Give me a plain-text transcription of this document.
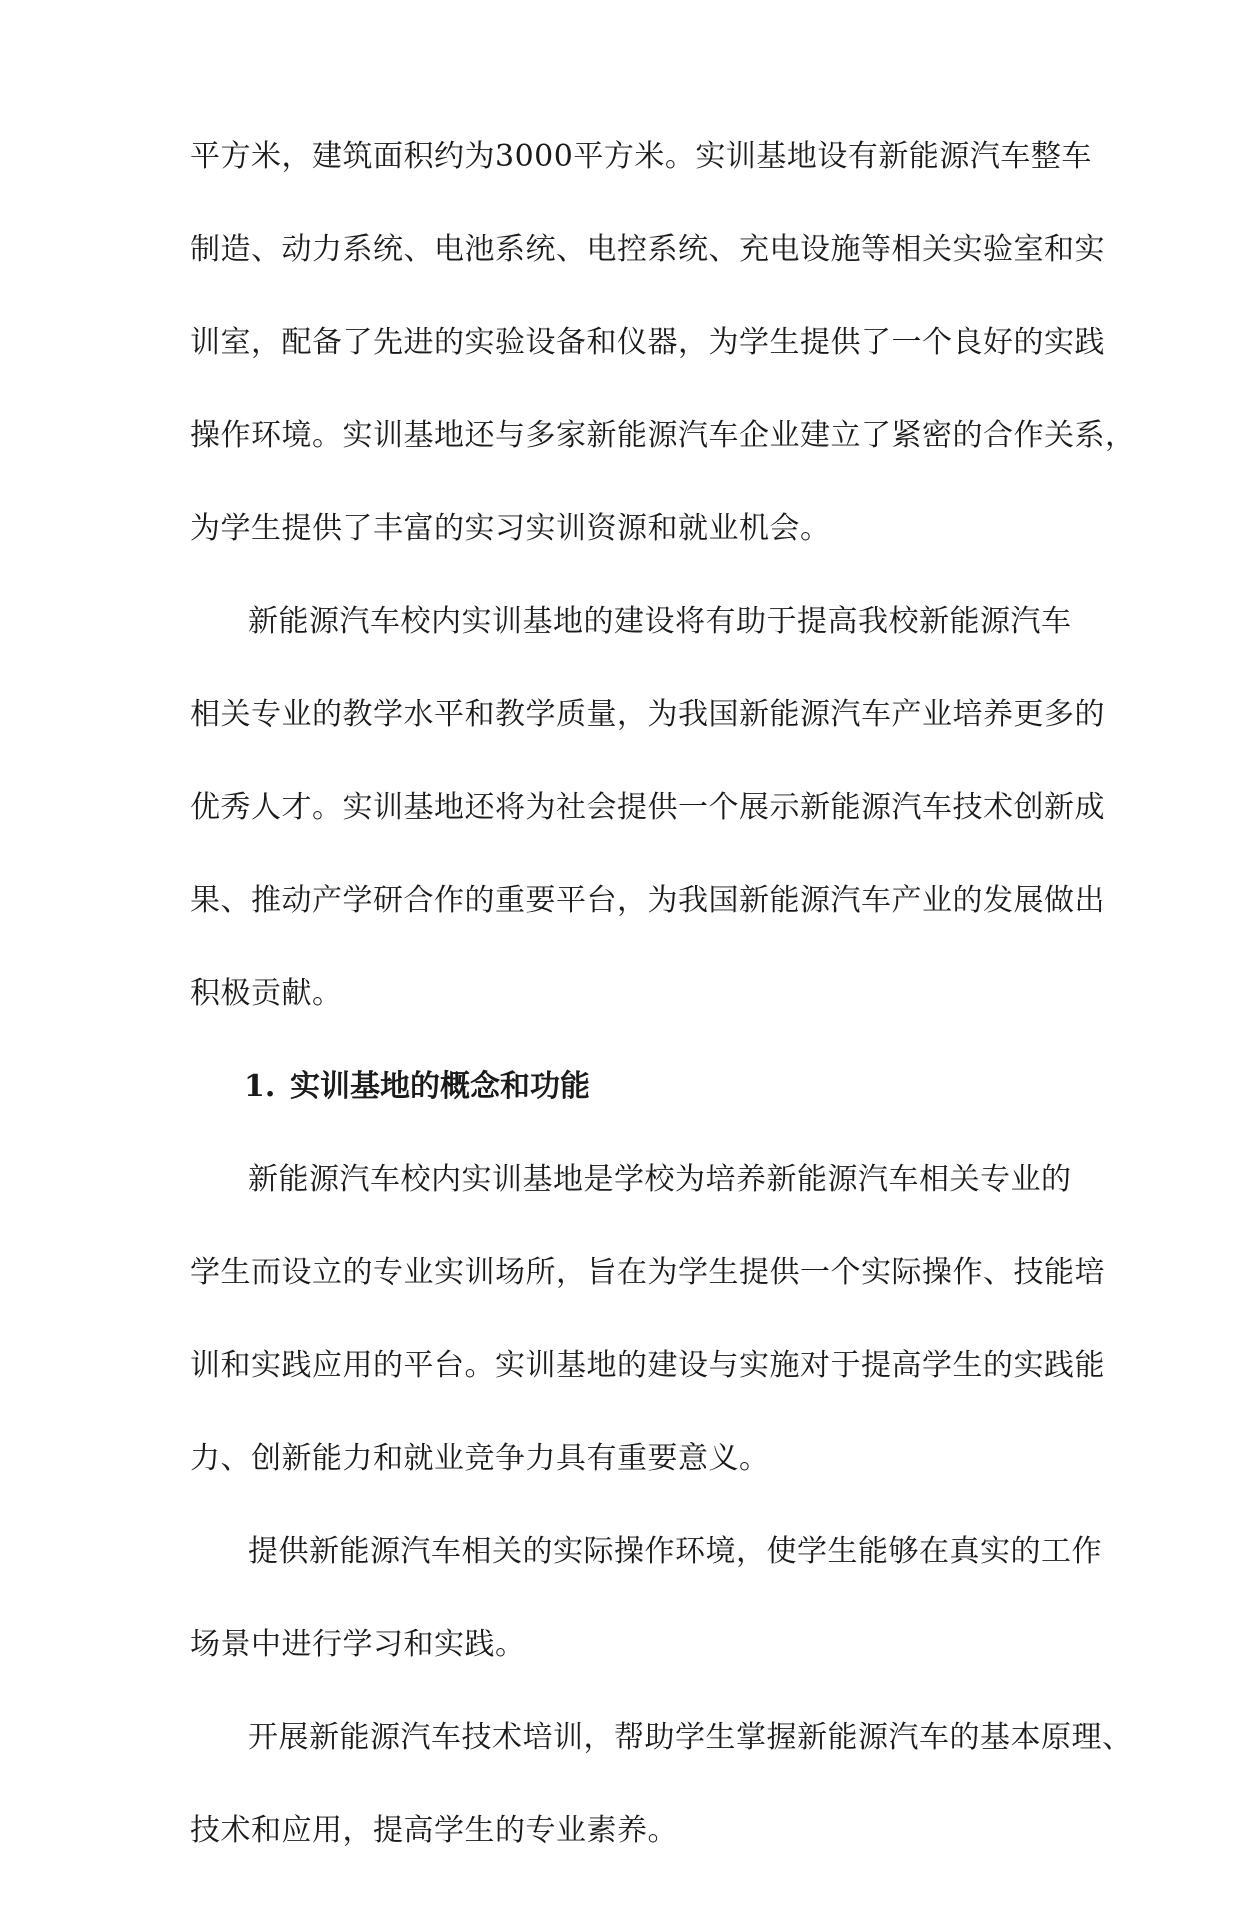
平方米，建筑面积约为3000平方米。实训基地设有新能源汽车整车
制造、动力系统、电池系统、电控系统、充电设施等相关实验室和实
训室，配备了先进的实验设备和仪器，为学生提供了一个良好的实践
操作环境。实训基地还与多家新能源汽车企业建立了紧密的合作关系，
为学生提供了丰富的实习实训资源和就业机会。
新能源汽车校内实训基地的建设将有助于提高我校新能源汽车
相关专业的教学水平和教学质量，为我国新能源汽车产业培养更多的
优秀人才。实训基地还将为社会提供一个展示新能源汽车技术创新成
果、推动产学研合作的重要平台，为我国新能源汽车产业的发展做出
积极贡献。
1. 实训基地的概念和功能
新能源汽车校内实训基地是学校为培养新能源汽车相关专业的
学生而设立的专业实训场所，旨在为学生提供一个实际操作、技能培
训和实践应用的平台。实训基地的建设与实施对于提高学生的实践能
力、创新能力和就业竞争力具有重要意义。
提供新能源汽车相关的实际操作环境，使学生能够在真实的工作
场景中进行学习和实践。
开展新能源汽车技术培训，帮助学生掌握新能源汽车的基本原理、
技术和应用，提高学生的专业素养。
